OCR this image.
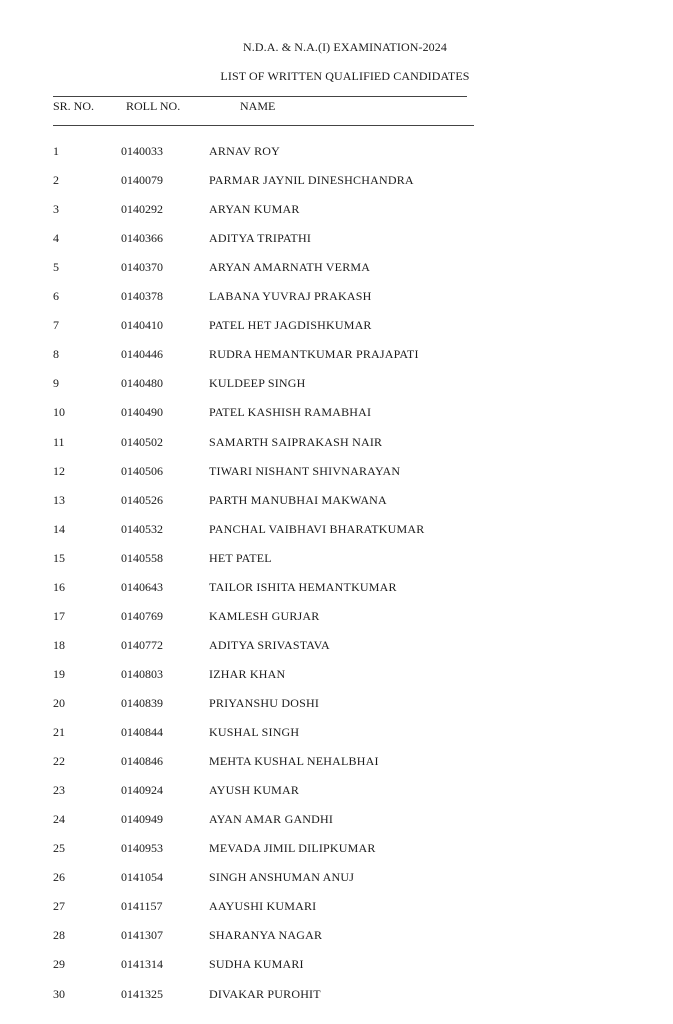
N.D.A. & N.A.(I) EXAMINATION-2024
LIST OF WRITTEN QUALIFIED CANDIDATES
SR. NO.	ROLL NO.	NAME
1	0140033	ARNAV ROY
2	0140079	PARMAR JAYNIL DINESHCHANDRA
3	0140292	ARYAN KUMAR
4	0140366	ADITYA TRIPATHI
5	0140370	ARYAN AMARNATH VERMA
6	0140378	LABANA YUVRAJ PRAKASH
7	0140410	PATEL HET JAGDISHKUMAR
8	0140446	RUDRA HEMANTKUMAR PRAJAPATI
9	0140480	KULDEEP SINGH
10	0140490	PATEL KASHISH RAMABHAI
11	0140502	SAMARTH SAIPRAKASH NAIR
12	0140506	TIWARI NISHANT SHIVNARAYAN
13	0140526	PARTH MANUBHAI MAKWANA
14	0140532	PANCHAL VAIBHAVI BHARATKUMAR
15	0140558	HET PATEL
16	0140643	TAILOR ISHITA HEMANTKUMAR
17	0140769	KAMLESH GURJAR
18	0140772	ADITYA SRIVASTAVA
19	0140803	IZHAR KHAN
20	0140839	PRIYANSHU DOSHI
21	0140844	KUSHAL SINGH
22	0140846	MEHTA KUSHAL NEHALBHAI
23	0140924	AYUSH KUMAR
24	0140949	AYAN AMAR GANDHI
25	0140953	MEVADA JIMIL DILIPKUMAR
26	0141054	SINGH ANSHUMAN ANUJ
27	0141157	AAYUSHI KUMARI
28	0141307	SHARANYA NAGAR
29	0141314	SUDHA KUMARI
30	0141325	DIVAKAR PUROHIT
